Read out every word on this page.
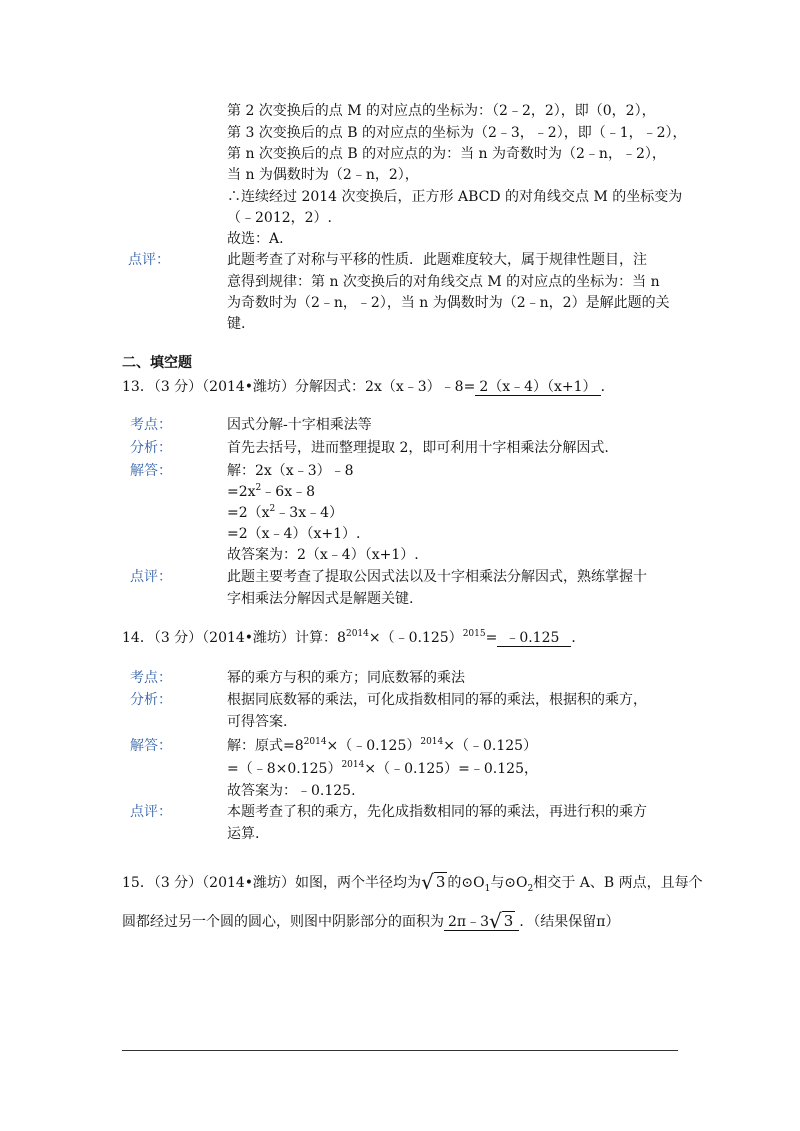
第 2 次变换后的点 M 的对应点的坐标为：（2﹣2，2），即（0，2），
第 3 次变换后的点 B 的对应点的坐标为（2﹣3，﹣2），即（﹣1，﹣2），
第 n 次变换后的点 B 的对应点的为：当 n 为奇数时为（2﹣n，﹣2），
当 n 为偶数时为（2﹣n，2），
∴连续经过 2014 次变换后，正方形 ABCD 的对角线交点 M 的坐标变为
（﹣2012，2）.
故选：A.
点评：	此题考查了对称与平移的性质．此题难度较大，属于规律性题目，注
意得到规律：第 n 次变换后的对角线交点 M 的对应点的坐标为：当 n
为奇数时为（2﹣n，﹣2），当 n 为偶数时为（2﹣n，2）是解此题的关
键.
二、填空题
13．（3 分）（2014•潍坊）分解因式：2x（x﹣3）﹣8= 2（x﹣4）（x+1） ．
考点：	因式分解-十字相乘法等
分析：	首先去括号，进而整理提取 2，即可利用十字相乘法分解因式.
解答：	解：2x（x﹣3）﹣8
$=2x^2﹣6x﹣8$
$=2(x^2﹣3x﹣4)$
=2（x﹣4）（x+1）.
故答案为：2（x﹣4）（x+1）.
点评：	此题主要考查了提取公因式法以及十字相乘法分解因式，熟练掌握十
字相乘法分解因式是解题关键.
14．（3 分）（2014•潍坊）计算：$8^{2014}\times(﹣0.125)^{2015}=$ ﹣0.125 ．
考点：	幂的乘方与积的乘方；同底数幂的乘法
分析：	根据同底数幂的乘法，可化成指数相同的幂的乘法，根据积的乘方，
可得答案.
解答：	解：原式$=8^{2014}\times(﹣0.125)^{2014}\times(﹣0.125)$
=（﹣8×0.125）$^{2014}$×（﹣0.125）=﹣0.125，
故答案为：﹣0.125.
点评：	本题考查了积的乘方，先化成指数相同的幂的乘法，再进行积的乘方
运算.
15．（3 分）（2014•潍坊）如图，两个半径均为√ 3 的$⊙O_1$与$⊙O_2$相交于 A、B 两点，且每个
圆都经过另一个圆的圆心，则图中阴影部分的面积为 2π﹣3√ 3 ．（结果保留π）
